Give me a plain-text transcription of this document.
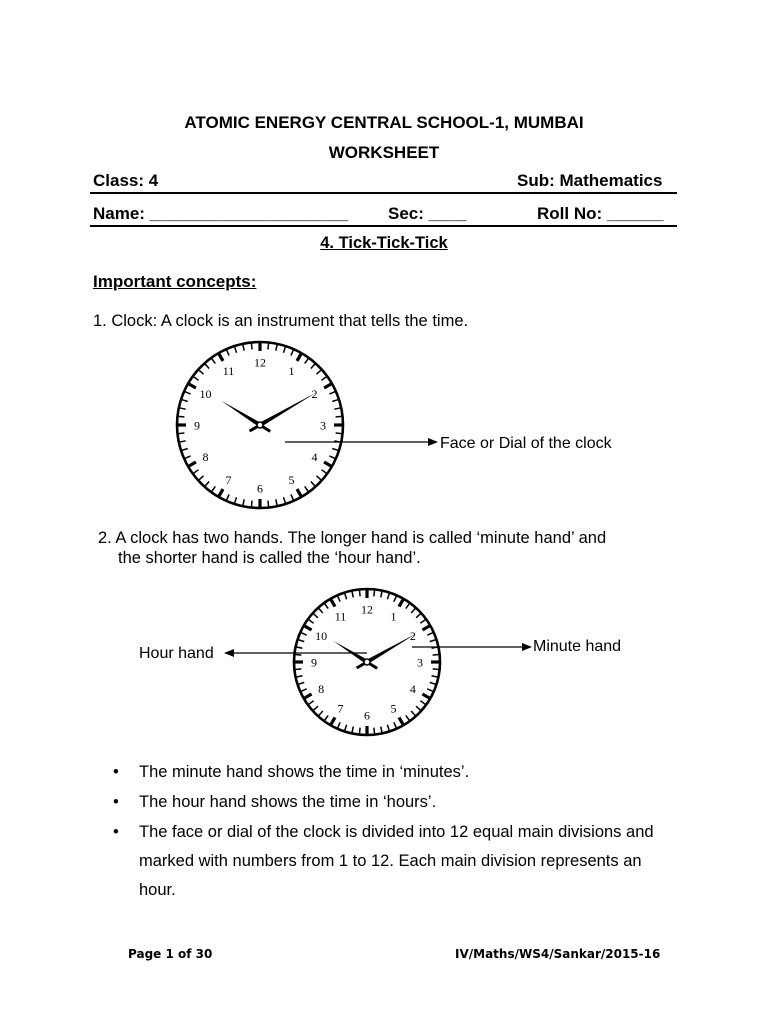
ATOMIC ENERGY CENTRAL SCHOOL-1, MUMBAI
WORKSHEET
Class: 4	Sub: Mathematics
Name: _____________________ Sec: ____	Roll No: ______
4. Tick-Tick-Tick
Important concepts:
1. Clock: A clock is an instrument that tells the time.
12
1
2
3
4
5
6
7
8
9
10
11
Face or Dial of the clock
12
1
2
3
4
5
6
7
8
9
10
11
Hour hand	Minute hand
2. A clock has two hands. The longer hand is called ‘minute hand’ and
the shorter hand is called the ‘hour hand’.
• The minute hand shows the time in ‘minutes’.
• The hour hand shows the time in ‘hours’.
• The face or dial of the clock is divided into 12 equal main divisions and marked with numbers from 1 to 12. Each main division represents an hour.
Page 1 of 30	IV/Maths/WS4/Sankar/2015-16
